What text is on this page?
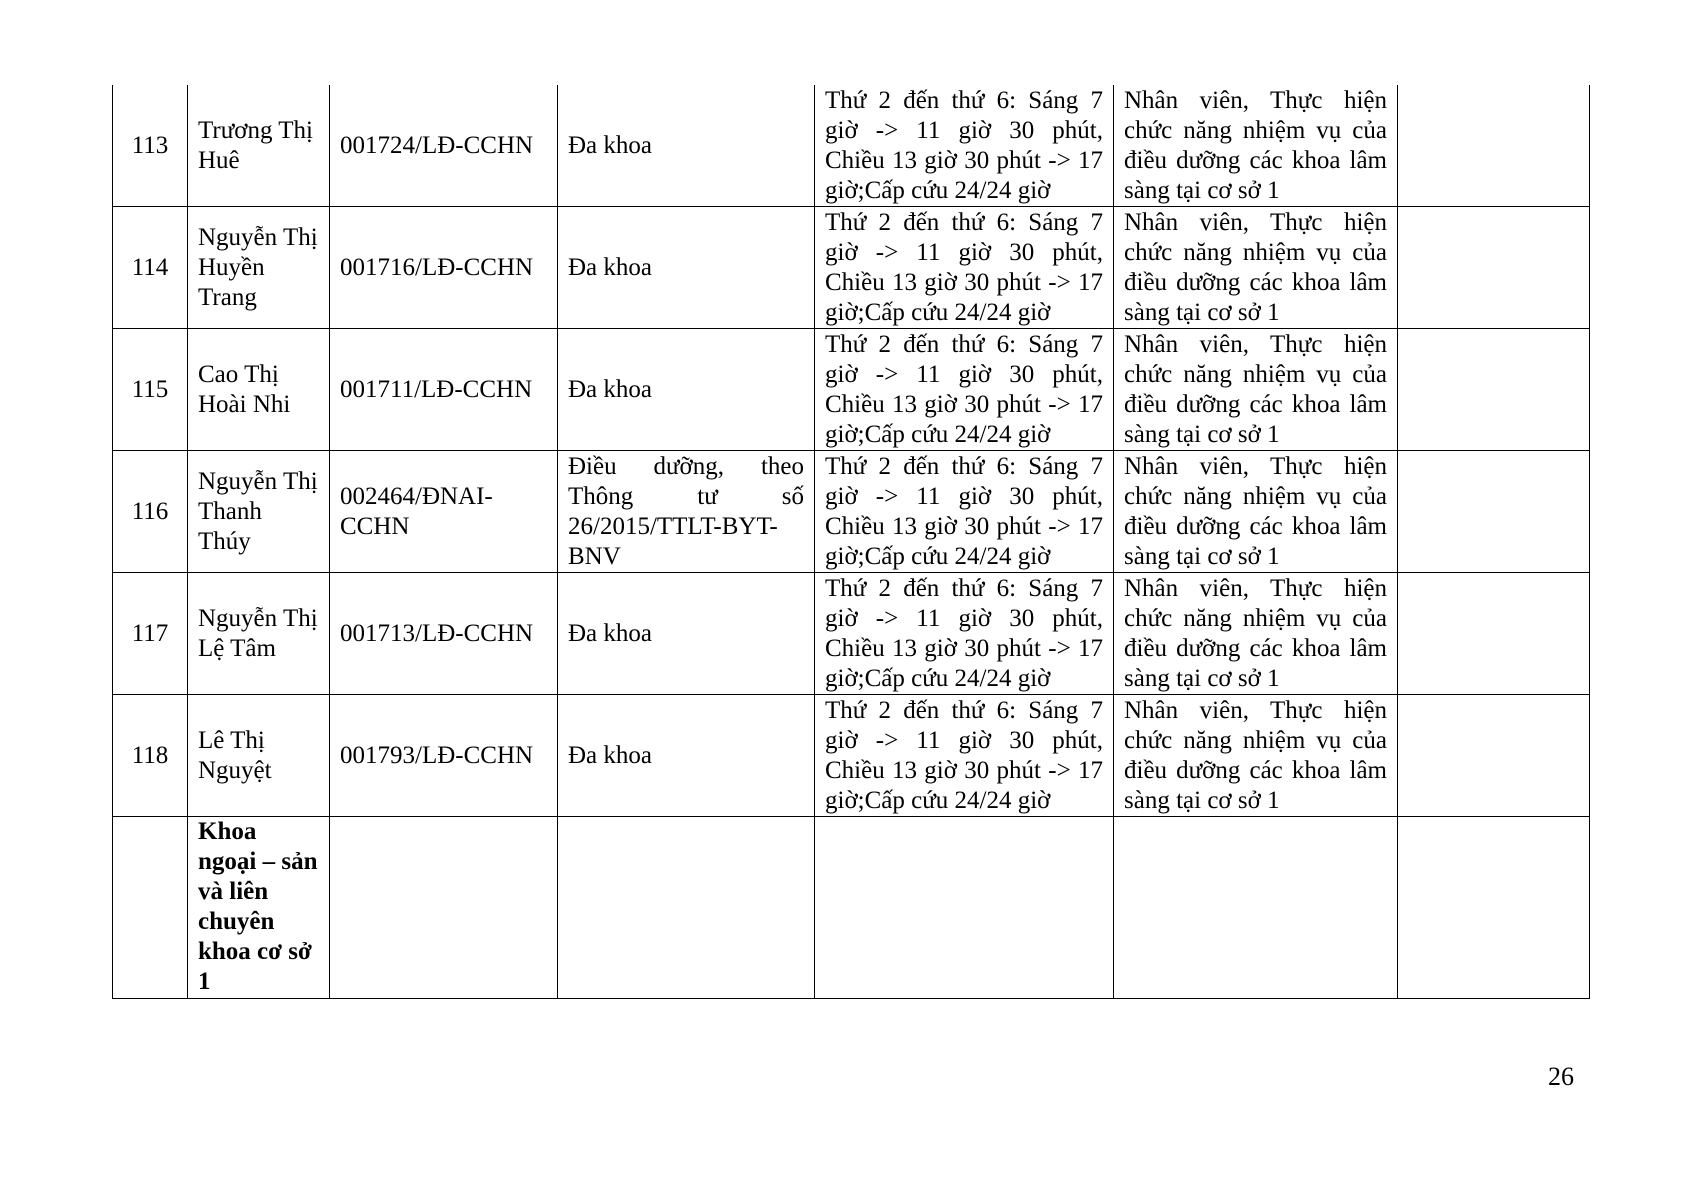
113	Trương Thị Huê	001724/LĐ-CCHN	Đa khoa	Thứ 2 đến thứ 6: Sáng 7 giờ -> 11 giờ 30 phút, Chiều 13 giờ 30 phút -> 17 giờ;Cấp cứu 24/24 giờ	Nhân viên, Thực hiện chức năng nhiệm vụ của điều dưỡng các khoa lâm sàng tại cơ sở 1	
114	Nguyễn Thị Huyền Trang	001716/LĐ-CCHN	Đa khoa	Thứ 2 đến thứ 6: Sáng 7 giờ -> 11 giờ 30 phút, Chiều 13 giờ 30 phút -> 17 giờ;Cấp cứu 24/24 giờ	Nhân viên, Thực hiện chức năng nhiệm vụ của điều dưỡng các khoa lâm sàng tại cơ sở 1	
115	Cao Thị Hoài Nhi	001711/LĐ-CCHN	Đa khoa	Thứ 2 đến thứ 6: Sáng 7 giờ -> 11 giờ 30 phút, Chiều 13 giờ 30 phút -> 17 giờ;Cấp cứu 24/24 giờ	Nhân viên, Thực hiện chức năng nhiệm vụ của điều dưỡng các khoa lâm sàng tại cơ sở 1	
116	Nguyễn Thị Thanh Thúy	002464/ĐNAI-CCHN	Điều dưỡng, theo Thông tư số 26/2015/TTLT-BYT-BNV	Thứ 2 đến thứ 6: Sáng 7 giờ -> 11 giờ 30 phút, Chiều 13 giờ 30 phút -> 17 giờ;Cấp cứu 24/24 giờ	Nhân viên, Thực hiện chức năng nhiệm vụ của điều dưỡng các khoa lâm sàng tại cơ sở 1	
117	Nguyễn Thị Lệ Tâm	001713/LĐ-CCHN	Đa khoa	Thứ 2 đến thứ 6: Sáng 7 giờ -> 11 giờ 30 phút, Chiều 13 giờ 30 phút -> 17 giờ;Cấp cứu 24/24 giờ	Nhân viên, Thực hiện chức năng nhiệm vụ của điều dưỡng các khoa lâm sàng tại cơ sở 1	
118	Lê Thị Nguyệt	001793/LĐ-CCHN	Đa khoa	Thứ 2 đến thứ 6: Sáng 7 giờ -> 11 giờ 30 phút, Chiều 13 giờ 30 phút -> 17 giờ;Cấp cứu 24/24 giờ	Nhân viên, Thực hiện chức năng nhiệm vụ của điều dưỡng các khoa lâm sàng tại cơ sở 1	

	Khoa ngoại – sản và liên chuyên khoa cơ sở 1					

26
